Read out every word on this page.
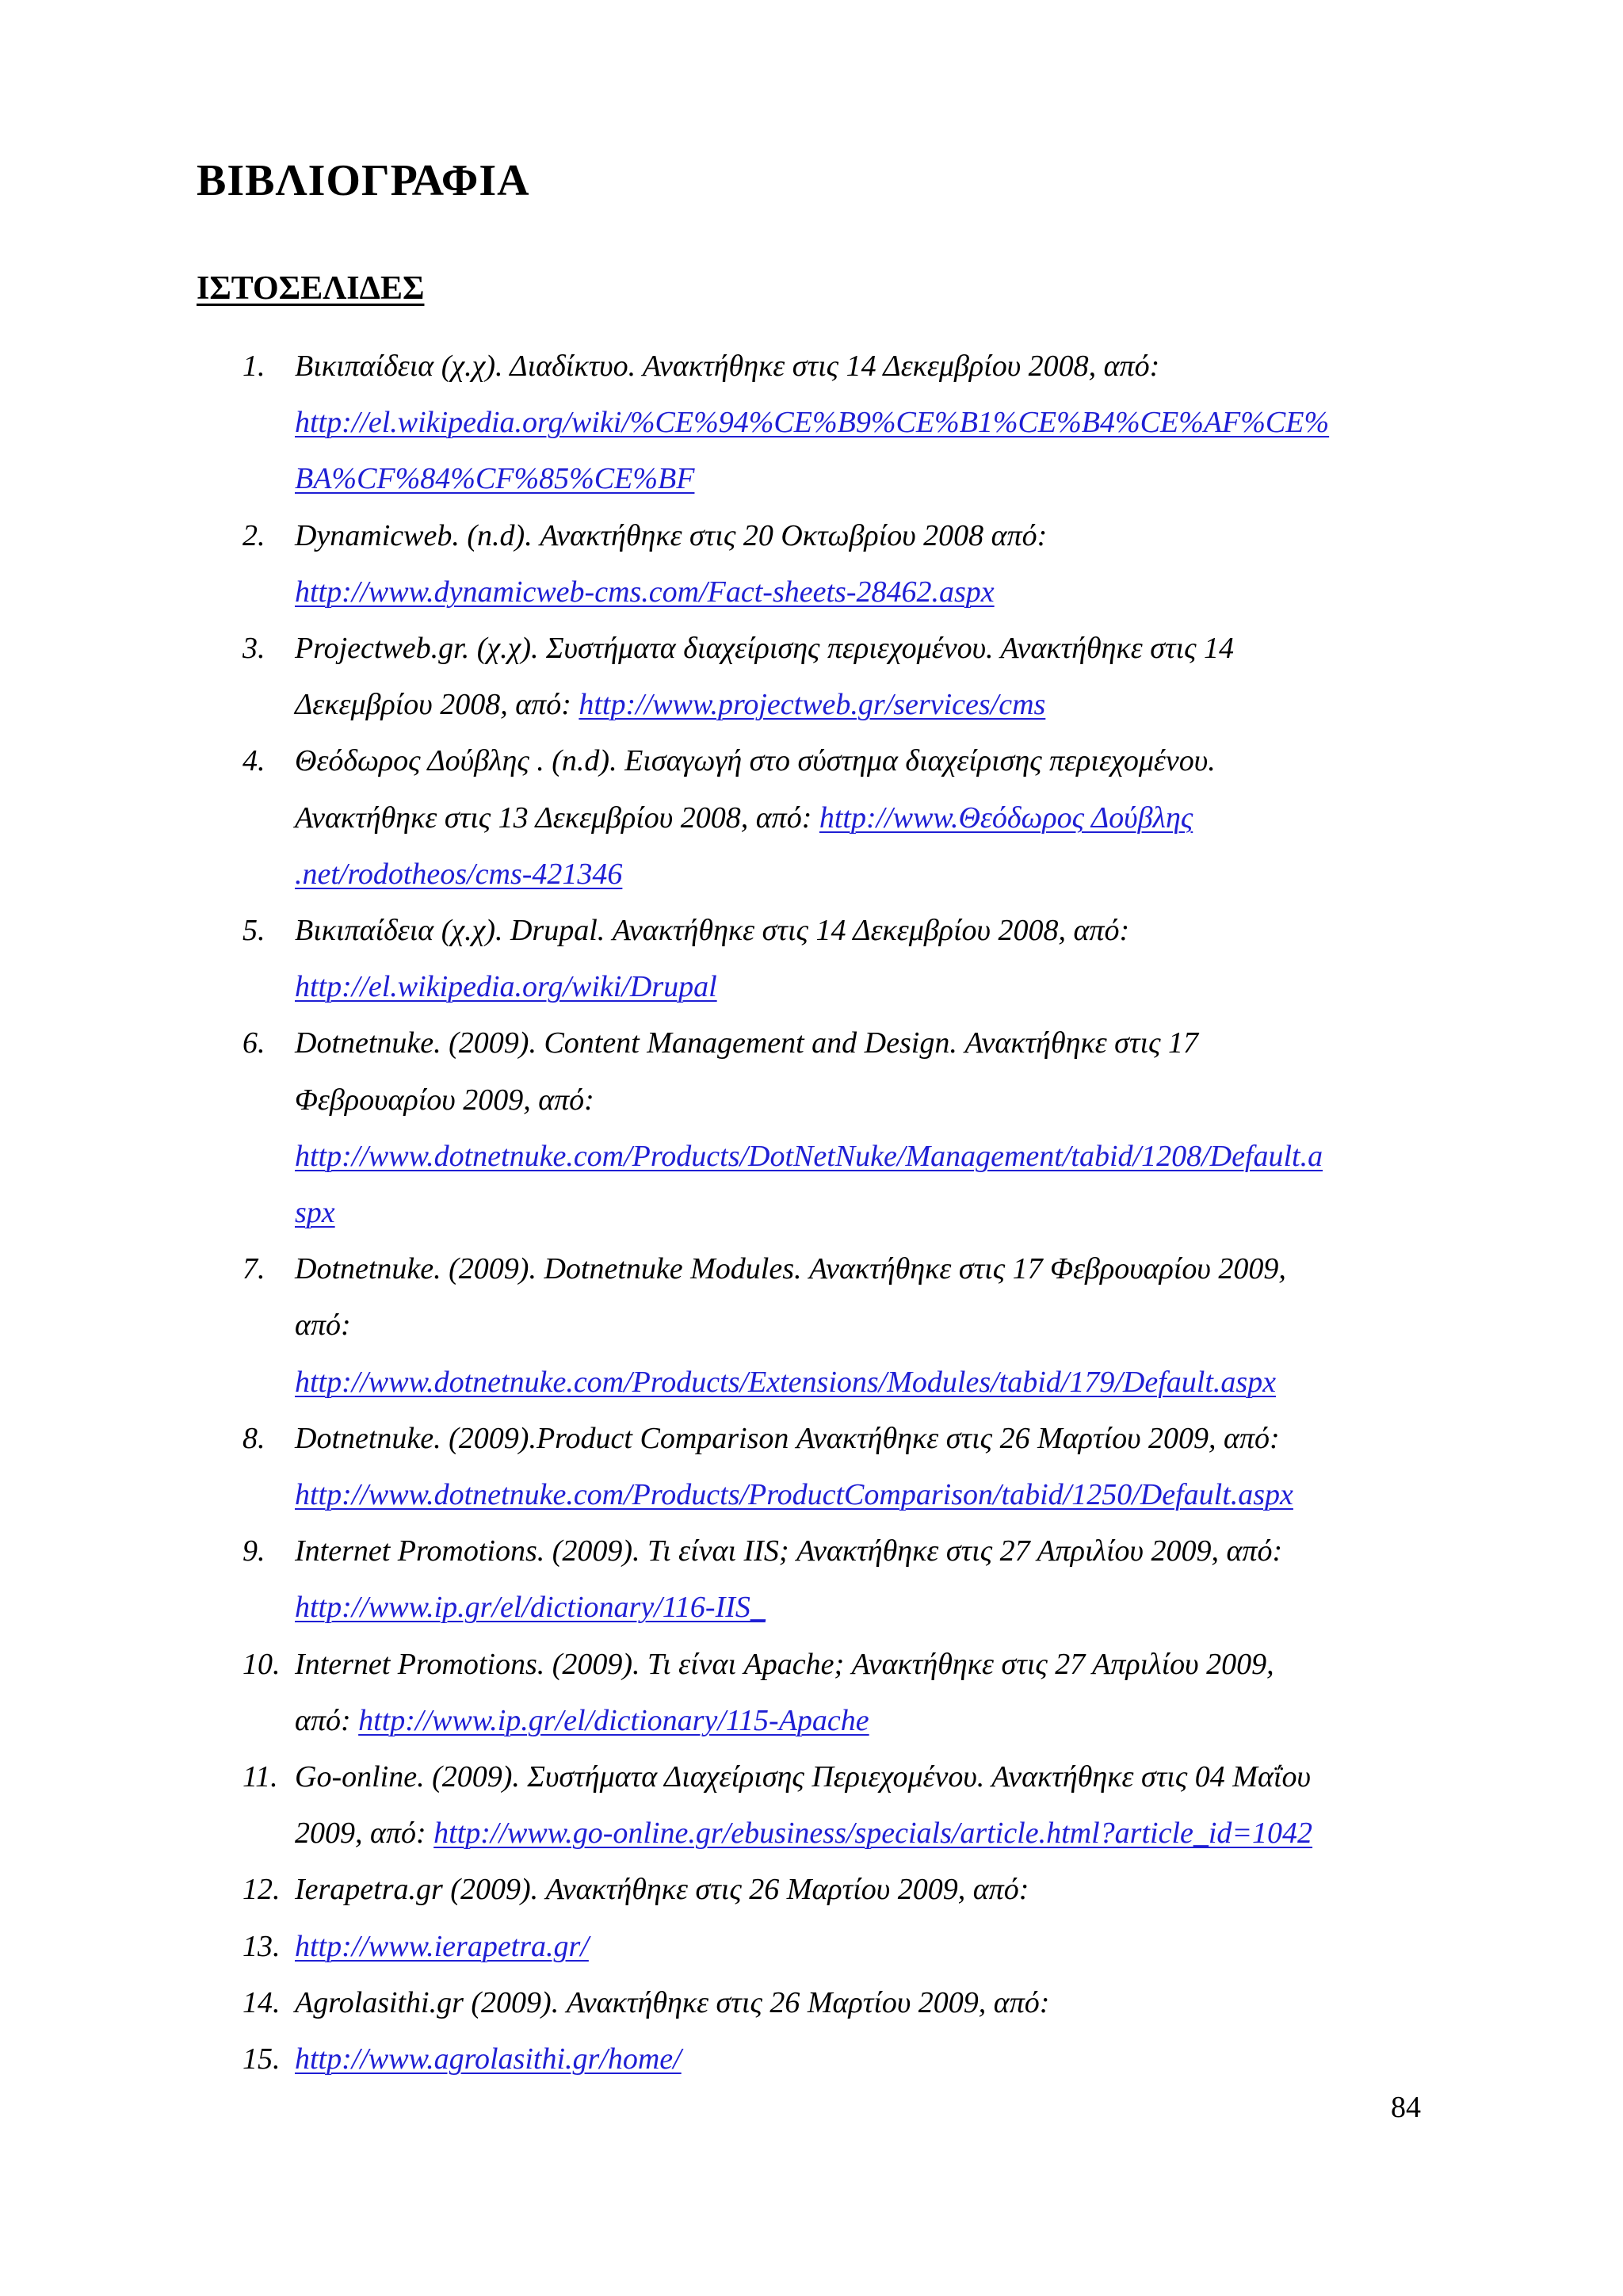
ΒΙΒΛΙΟΓΡΑΦΙΑ
ΙΣΤΟΣΕΛΙΔΕΣ
1. Βικιπαίδεια (χ.χ). Διαδίκτυο. Ανακτήθηκε στις 14 Δεκεμβρίου 2008, από:
http://el.wikipedia.org/wiki/%CE%94%CE%B9%CE%B1%CE%B4%CE%AF%CE%
BA%CF%84%CF%85%CE%BF
2. Dynamicweb. (n.d). Ανακτήθηκε στις 20 Οκτωβρίου 2008 από:
http://www.dynamicweb-cms.com/Fact-sheets-28462.aspx
3. Projectweb.gr. (χ.χ). Συστήματα διαχείρισης περιεχομένου. Ανακτήθηκε στις 14
Δεκεμβρίου 2008, από: http://www.projectweb.gr/services/cms
4. Θεόδωρος Δούβλης . (n.d). Εισαγωγή στο σύστημα διαχείρισης περιεχομένου.
Ανακτήθηκε στις 13 Δεκεμβρίου 2008, από: http://www.Θεόδωρος Δούβλης
.net/rodotheos/cms-421346
5. Βικιπαίδεια (χ.χ). Drupal. Ανακτήθηκε στις 14 Δεκεμβρίου 2008, από:
http://el.wikipedia.org/wiki/Drupal
6. Dotnetnuke. (2009). Content Management and Design. Ανακτήθηκε στις 17
Φεβρουαρίου 2009, από:
http://www.dotnetnuke.com/Products/DotNetNuke/Management/tabid/1208/Default.a
spx
7. Dotnetnuke. (2009). Dotnetnuke Modules. Ανακτήθηκε στις 17 Φεβρουαρίου 2009,
από:
http://www.dotnetnuke.com/Products/Extensions/Modules/tabid/179/Default.aspx
8. Dotnetnuke. (2009).Product Comparison Ανακτήθηκε στις 26 Μαρτίου 2009, από:
http://www.dotnetnuke.com/Products/ProductComparison/tabid/1250/Default.aspx
9. Internet Promotions. (2009). Τι είναι IIS; Ανακτήθηκε στις 27 Απριλίου 2009, από:
http://www.ip.gr/el/dictionary/116-IIS_
10. Internet Promotions. (2009). Τι είναι Apache; Ανακτήθηκε στις 27 Απριλίου 2009,
από: http://www.ip.gr/el/dictionary/115-Apache
11. Go-online. (2009). Συστήματα Διαχείρισης Περιεχομένου. Ανακτήθηκε στις 04 Μαΐου
2009, από: http://www.go-online.gr/ebusiness/specials/article.html?article_id=1042
12. Ierapetra.gr (2009). Ανακτήθηκε στις 26 Μαρτίου 2009, από:
13. http://www.ierapetra.gr/
14. Agrolasithi.gr (2009). Ανακτήθηκε στις 26 Μαρτίου 2009, από:
15. http://www.agrolasithi.gr/home/
84
